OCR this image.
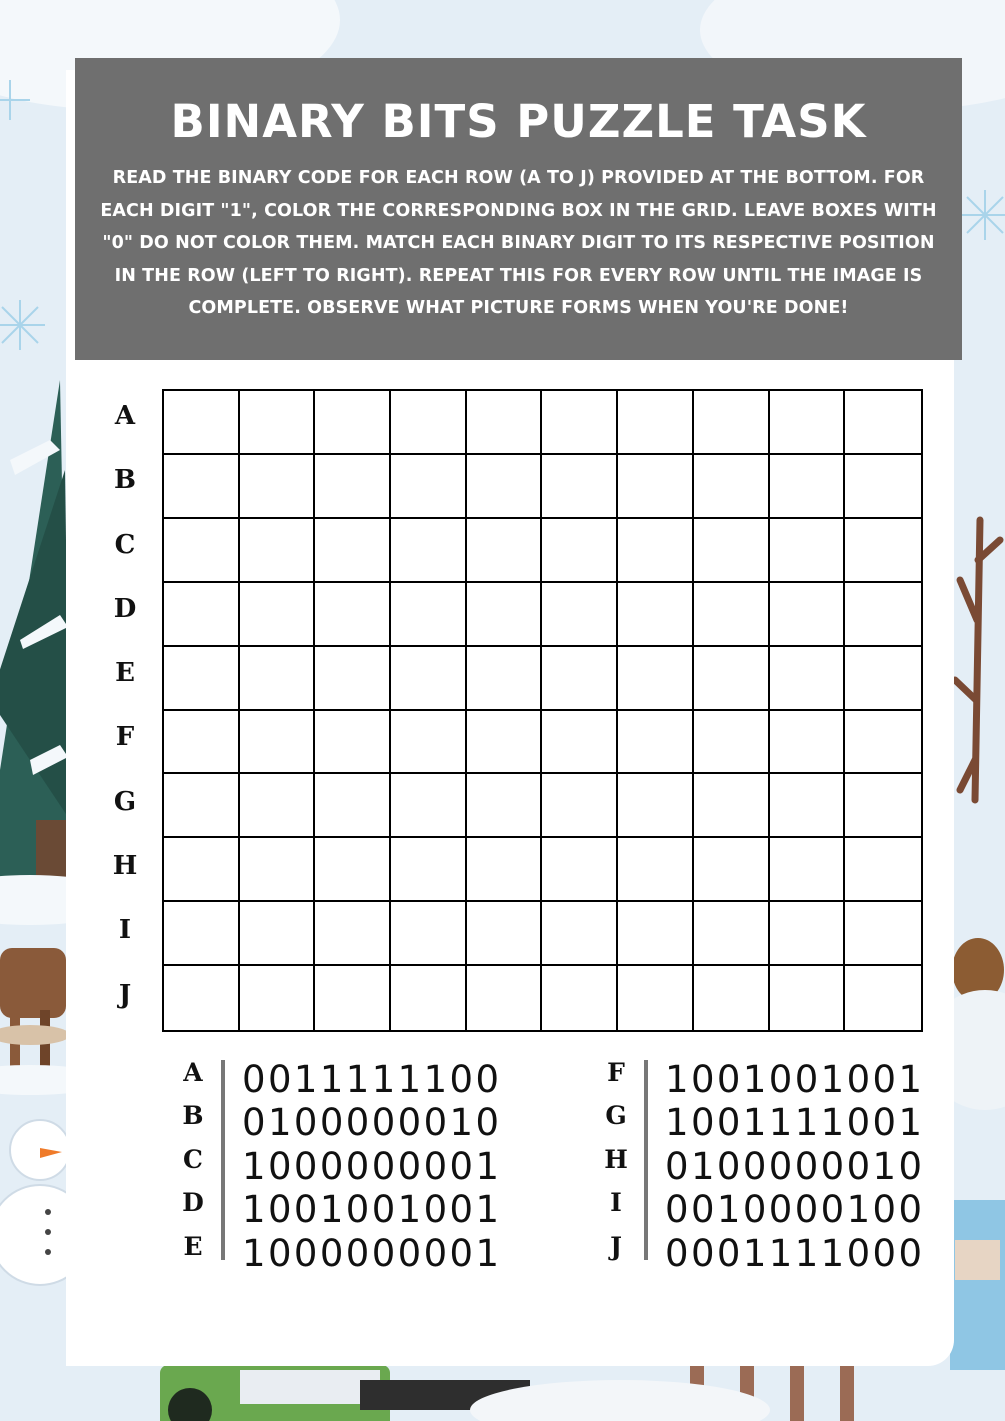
BINARY BITS PUZZLE TASK

READ THE BINARY CODE FOR EACH ROW (A TO J) PROVIDED AT THE BOTTOM. FOR EACH DIGIT "1", COLOR THE CORRESPONDING BOX IN THE GRID. LEAVE BOXES WITH "0" DO NOT COLOR THEM. MATCH EACH BINARY DIGIT TO ITS RESPECTIVE POSITION IN THE ROW (LEFT TO RIGHT). REPEAT THIS FOR EVERY ROW UNTIL THE IMAGE IS COMPLETE. OBSERVE WHAT PICTURE FORMS WHEN YOU'RE DONE!

A
B
C
D
E
F
G
H
I
J
A 0011111100
B 0100000010
C 1000000001
D 1001001001
E 1000000001
F 1001001001
G 1001111001
H 0100000010
I	0010000100
J	0001111000
